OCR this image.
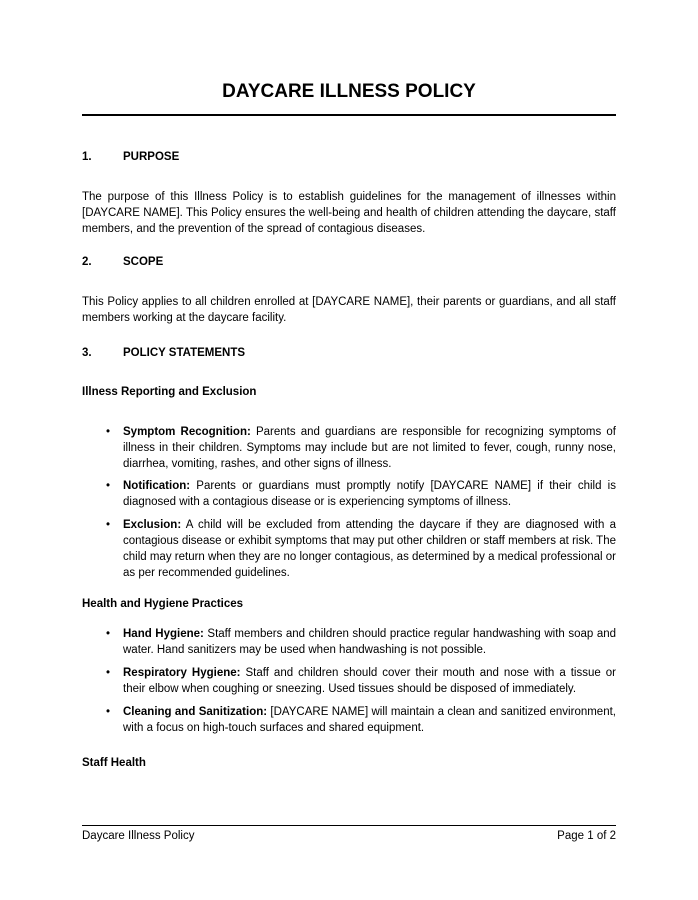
DAYCARE ILLNESS POLICY
1.	PURPOSE

The purpose of this Illness Policy is to establish guidelines for the management of illnesses within [DAYCARE NAME]. This Policy ensures the well-being and health of children attending the daycare, staff members, and the prevention of the spread of contagious diseases.

2.	SCOPE

This Policy applies to all children enrolled at [DAYCARE NAME], their parents or guardians, and all staff members working at the daycare facility.

3.	POLICY STATEMENTS
Illness Reporting and Exclusion
• Symptom Recognition: Parents and guardians are responsible for recognizing symptoms of illness in their children. Symptoms may include but are not limited to fever, cough, runny nose, diarrhea, vomiting, rashes, and other signs of illness.
• Notification: Parents or guardians must promptly notify [DAYCARE NAME] if their child is diagnosed with a contagious disease or is experiencing symptoms of illness.
• Exclusion: A child will be excluded from attending the daycare if they are diagnosed with a contagious disease or exhibit symptoms that may put other children or staff members at risk. The child may return when they are no longer contagious, as determined by a medical professional or as per recommended guidelines.
Health and Hygiene Practices
• Hand Hygiene: Staff members and children should practice regular handwashing with soap and water. Hand sanitizers may be used when handwashing is not possible.
• Respiratory Hygiene: Staff and children should cover their mouth and nose with a tissue or their elbow when coughing or sneezing. Used tissues should be disposed of immediately.
• Cleaning and Sanitization: [DAYCARE NAME] will maintain a clean and sanitized environment, with a focus on high-touch surfaces and shared equipment.
Staff Health
Daycare Illness Policy	Page 1 of 2
